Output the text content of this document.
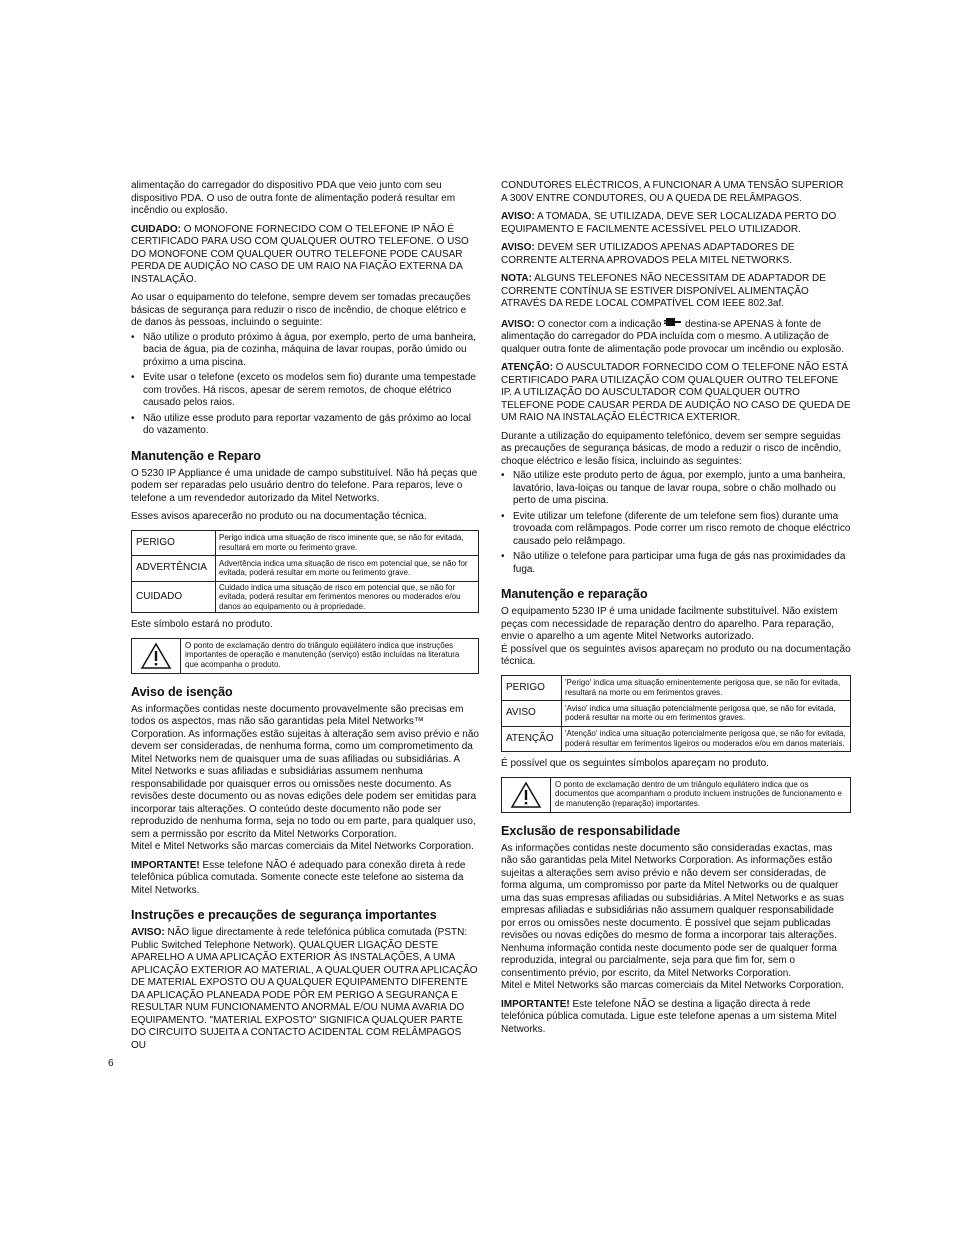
alimentação do carregador do dispositivo PDA que veio junto com seu dispositivo PDA. O uso de outra fonte de alimentação poderá resultar em incêndio ou explosão.

CUIDADO: O MONOFONE FORNECIDO COM O TELEFONE IP NÃO É CERTIFICADO PARA USO COM QUALQUER OUTRO TELEFONE. O USO DO MONOFONE COM QUALQUER OUTRO TELEFONE PODE CAUSAR PERDA DE AUDIÇÃO NO CASO DE UM RAIO NA FIAÇÃO EXTERNA DA INSTALAÇÃO.

Ao usar o equipamento do telefone, sempre devem ser tomadas precauções básicas de segurança para reduzir o risco de incêndio, de choque elétrico e de danos às pessoas, incluindo o seguinte:

• Não utilize o produto próximo à água, por exemplo, perto de uma banheira, bacia de água, pia de cozinha, máquina de lavar roupas, porão úmido ou próximo a uma piscina.
• Evite usar o telefone (exceto os modelos sem fio) durante uma tempestade com trovões. Há riscos, apesar de serem remotos, de choque elétrico causado pelos raios.
• Não utilize esse produto para reportar vazamento de gás próximo ao local do vazamento.
Manutenção e Reparo

O 5230 IP Appliance é uma unidade de campo substituível. Não há peças que podem ser reparadas pelo usuário dentro do telefone. Para reparos, leve o telefone a um revendedor autorizado da Mitel Networks.

Esses avisos aparecerão no produto ou na documentação técnica.

PERIGO	Perigo indica uma situação de risco iminente que, se não for evitada, resultará em morte ou ferimento grave.
ADVERTÊNCIA	Advertência indica uma situação de risco em potencial que, se não for evitada, poderá resultar em morte ou ferimento grave.
CUIDADO	Cuidado indica uma situação de risco em potencial que, se não for evitada, poderá resultar em ferimentos menores ou moderados e/ou danos ao equipamento ou à propriedade.

Este símbolo estará no produto.

O ponto de exclamação dentro do triângulo eqüilátero indica que instruções importantes de operação e manutenção (serviço) estão incluídas na literatura que acompanha o produto.
Aviso de isenção

As informações contidas neste documento provavelmente são precisas em todos os aspectos, mas não são garantidas pela Mitel Networks™ Corporation. As informações estão sujeitas à alteração sem aviso prévio e não devem ser consideradas, de nenhuma forma, como um comprometimento da Mitel Networks nem de quaisquer uma de suas afiliadas ou subsidiárias. A Mitel Networks e suas afiliadas e subsidiárias assumem nenhuma responsabilidade por quaisquer erros ou omissões neste documento. As revisões deste documento ou as novas edições dele podem ser emitidas para incorporar tais alterações. O conteúdo deste documento não pode ser reproduzido de nenhuma forma, seja no todo ou em parte, para qualquer uso, sem a permissão por escrito da Mitel Networks Corporation.

Mitel e Mitel Networks são marcas comerciais da Mitel Networks Corporation.

IMPORTANTE! Esse telefone NÃO é adequado para conexão direta à rede telefônica pública comutada. Somente conecte este telefone ao sistema da Mitel Networks.

Instruções e precauções de segurança importantes

AVISO: NÃO ligue directamente à rede telefónica pública comutada (PSTN: Public Switched Telephone Network). QUALQUER LIGAÇÃO DESTE APARELHO A UMA APLICAÇÃO EXTERIOR ÀS INSTALAÇÕES, A UMA APLICAÇÃO EXTERIOR AO MATERIAL, A QUALQUER OUTRA APLICAÇÃO DE MATERIAL EXPOSTO OU A QUALQUER EQUIPAMENTO DIFERENTE DA APLICAÇÃO PLANEADA PODE PÔR EM PERIGO A SEGURANÇA E RESULTAR NUM FUNCIONAMENTO ANORMAL E/OU NUMA AVARIA DO EQUIPAMENTO. "MATERIAL EXPOSTO" SIGNIFICA QUALQUER PARTE DO CIRCUITO SUJEITA A CONTACTO ACIDENTAL COM RELÂMPAGOS OU

CONDUTORES ELÉCTRICOS, A FUNCIONAR A UMA TENSÃO SUPERIOR A 300V ENTRE CONDUTORES, OU A QUEDA DE RELÂMPAGOS.

AVISO: A TOMADA, SE UTILIZADA, DEVE SER LOCALIZADA PERTO DO EQUIPAMENTO E FACILMENTE ACESSÍVEL PELO UTILIZADOR.

AVISO: DEVEM SER UTILIZADOS APENAS ADAPTADORES DE CORRENTE ALTERNA APROVADOS PELA MITEL NETWORKS.

NOTA: ALGUNS TELEFONES NÃO NECESSITAM DE ADAPTADOR DE CORRENTE CONTÍNUA SE ESTIVER DISPONÍVEL ALIMENTAÇÃO ATRAVÉS DA REDE LOCAL COMPATÍVEL COM IEEE 802.3af.

AVISO: O conector com a indicação  destina-se APENAS à fonte de alimentação do carregador do PDA incluída com o mesmo. A utilização de qualquer outra fonte de alimentação pode provocar um incêndio ou explosão.

ATENÇÃO: O AUSCULTADOR FORNECIDO COM O TELEFONE NÃO ESTÁ CERTIFICADO PARA UTILIZAÇÃO COM QUALQUER OUTRO TELEFONE IP. A UTILIZAÇÃO DO AUSCULTADOR COM QUALQUER OUTRO TELEFONE PODE CAUSAR PERDA DE AUDIÇÃO NO CASO DE QUEDA DE UM RAIO NA INSTALAÇÃO ELÉCTRICA EXTERIOR.

Durante a utilização do equipamento telefónico, devem ser sempre seguidas as precauções de segurança básicas, de modo a reduzir o risco de incêndio, choque eléctrico e lesão física, incluindo as seguintes:

• Não utilize este produto perto de água, por exemplo, junto a uma banheira, lavatório, lava-loiças ou tanque de lavar roupa, sobre o chão molhado ou perto de uma piscina.
• Evite utilizar um telefone (diferente de um telefone sem fios) durante uma trovoada com relâmpagos. Pode correr um risco remoto de choque eléctrico causado pelo relâmpago.
• Não utilize o telefone para participar uma fuga de gás nas proximidades da fuga.
Manutenção e reparação

O equipamento 5230 IP é uma unidade facilmente substituível. Não existem peças com necessidade de reparação dentro do aparelho. Para reparação, envie o aparelho a um agente Mitel Networks autorizado.

É possível que os seguintes avisos apareçam no produto ou na documentação técnica.

PERIGO	'Perigo' indica uma situação eminentemente perigosa que, se não for evitada, resultará na morte ou em ferimentos graves.
AVISO	'Aviso' indica uma situação potencialmente perigosa que, se não for evitada, poderá resultar na morte ou em ferimentos graves.
ATENÇÃO	'Atenção' indica uma situação potencialmente perigosa que, se não for evitada, poderá resultar em ferimentos ligeiros ou moderados e/ou em danos materiais.

É possível que os seguintes símbolos apareçam no produto.

O ponto de exclamação dentro de um triângulo equilátero indica que os documentos que acompanham o produto incluem instruções de funcionamento e de manutenção (reparação) importantes.
Exclusão de responsabilidade

As informações contidas neste documento são consideradas exactas, mas não são garantidas pela Mitel Networks Corporation. As informações estão sujeitas a alterações sem aviso prévio e não devem ser consideradas, de forma alguma, um compromisso por parte da Mitel Networks ou de qualquer uma das suas empresas afiliadas ou subsidiárias. A Mitel Networks e as suas empresas afiliadas e subsidiárias não assumem qualquer responsabilidade por erros ou omissões neste documento. É possível que sejam publicadas revisões ou novas edições do mesmo de forma a incorporar tais alterações.

Nenhuma informação contida neste documento pode ser de qualquer forma reproduzida, integral ou parcialmente, seja para que fim for, sem o consentimento prévio, por escrito, da Mitel Networks Corporation.

Mitel e Mitel Networks são marcas comerciais da Mitel Networks Corporation.

IMPORTANTE! Este telefone NÃO se destina a ligação directa à rede telefónica pública comutada. Ligue este telefone apenas a um sistema Mitel Networks.

6
